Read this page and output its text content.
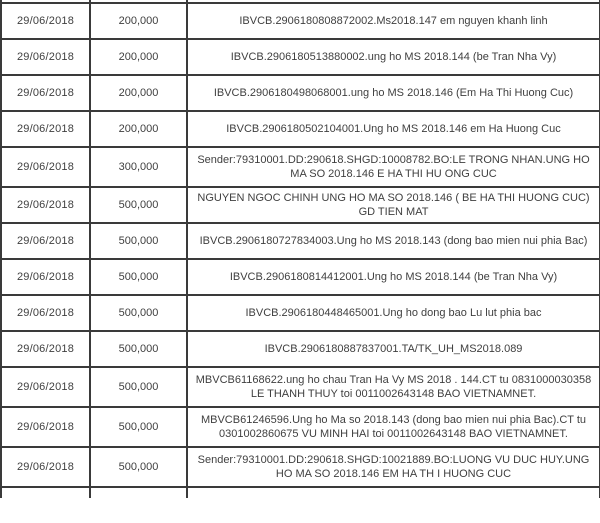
29/06/2018	200,000	IBVCB.2906180808872002.Ms2018.147 em nguyen khanh linh
29/06/2018	200,000	IBVCB.2906180513880002.ung ho MS 2018.144 (be Tran Nha Vy)
29/06/2018	200,000	IBVCB.2906180498068001.ung ho MS 2018.146 (Em Ha Thi Huong Cuc)
29/06/2018	200,000	IBVCB.2906180502104001.Ung ho MS 2018.146 em Ha Huong Cuc
29/06/2018	300,000	Sender:79310001.DD:290618.SHGD:10008782.BO:LE TRONG NHAN.UNG HO MA SO 2018.146 E HA THI HU ONG CUC
29/06/2018	500,000	NGUYEN NGOC CHINH UNG HO MA SO 2018.146 ( BE HA THI HUONG CUC) GD TIEN MAT
29/06/2018	500,000	IBVCB.2906180727834003.Ung ho MS 2018.143 (dong bao mien nui phia Bac)
29/06/2018	500,000	IBVCB.2906180814412001.Ung ho MS 2018.144 (be Tran Nha Vy)
29/06/2018	500,000	IBVCB.2906180448465001.Ung ho dong bao Lu lut phia bac
29/06/2018	500,000	IBVCB.2906180887837001.TA/TK_UH_MS2018.089
29/06/2018	500,000	MBVCB61168622.ung ho chau Tran Ha Vy MS 2018 . 144.CT tu 0831000030358 LE THANH THUY toi 0011002643148 BAO VIETNAMNET.
29/06/2018	500,000	MBVCB61246596.Ung ho Ma so 2018.143 (dong bao mien nui phia Bac).CT tu 0301002860675 VU MINH HAI toi 0011002643148 BAO VIETNAMNET.
29/06/2018	500,000	Sender:79310001.DD:290618.SHGD:10021889.BO:LUONG VU DUC HUY.UNG HO MA SO 2018.146 EM HA TH I HUONG CUC
